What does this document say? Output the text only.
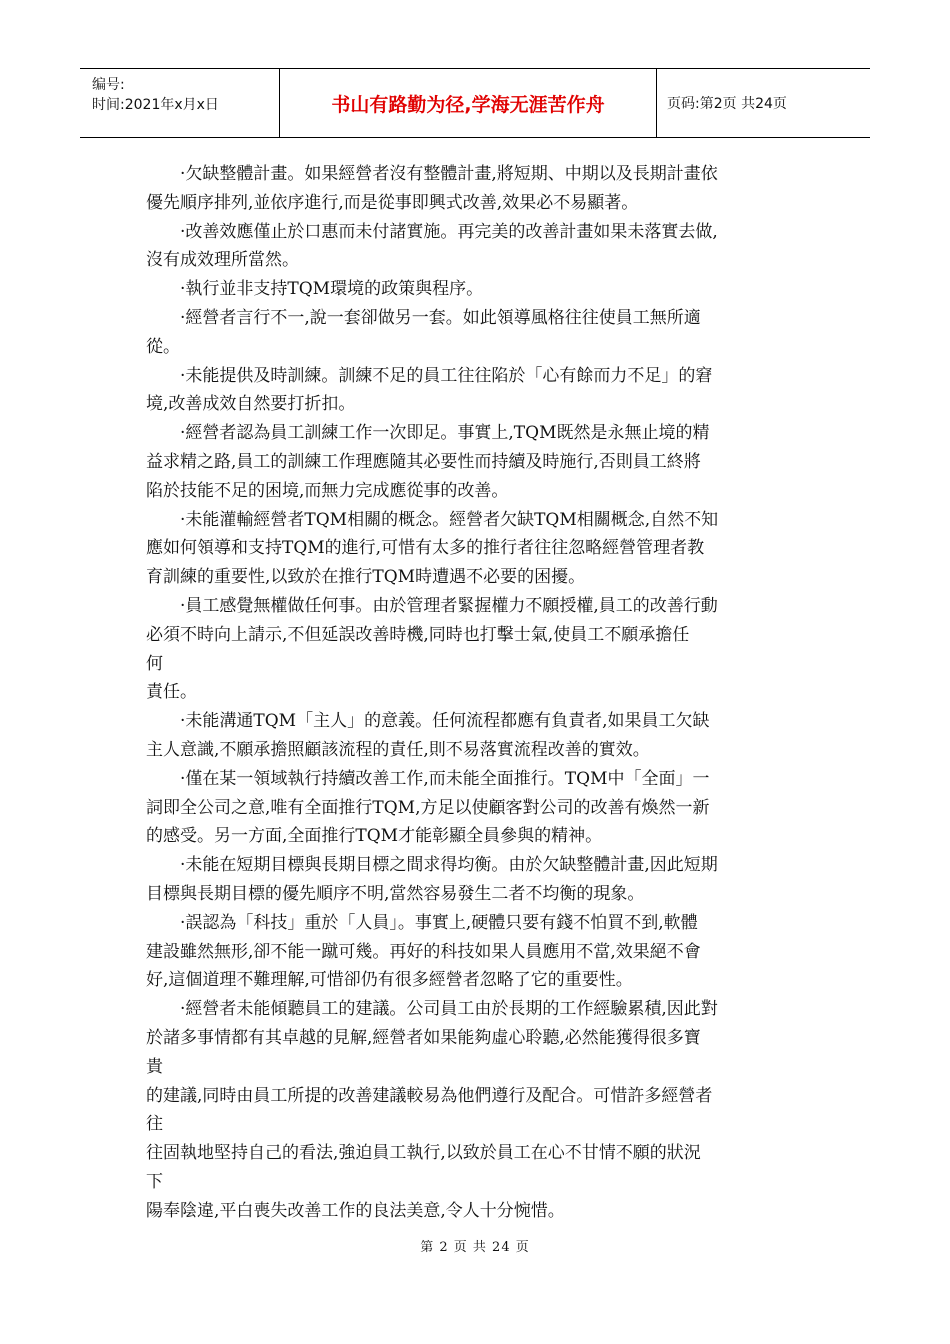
编号:
时间:2021年x月x日	书山有路勤为径,学海无涯苦作舟	页码:第2页 共24页
·欠缺整體計畫。如果經營者沒有整體計畫,將短期、中期以及長期計畫依
優先順序排列,並依序進行,而是從事即興式改善,效果必不易顯著。
·改善效應僅止於口惠而未付諸實施。再完美的改善計畫如果未落實去做,
沒有成效理所當然。
·執行並非支持TQM環境的政策與程序。
·經營者言行不一,說一套卻做另一套。如此領導風格往往使員工無所適
從。
·未能提供及時訓練。訓練不足的員工往往陷於「心有餘而力不足」的窘
境,改善成效自然要打折扣。
·經營者認為員工訓練工作一次即足。事實上,TQM既然是永無止境的精
益求精之路,員工的訓練工作理應隨其必要性而持續及時施行,否則員工終將
陷於技能不足的困境,而無力完成應從事的改善。
·未能灌輸經營者TQM相關的概念。經營者欠缺TQM相關概念,自然不知
應如何領導和支持TQM的進行,可惜有太多的推行者往往忽略經營管理者教
育訓練的重要性,以致於在推行TQM時遭遇不必要的困擾。
·員工感覺無權做任何事。由於管理者緊握權力不願授權,員工的改善行動
必須不時向上請示,不但延誤改善時機,同時也打擊士氣,使員工不願承擔任
何
責任。
·未能溝通TQM「主人」的意義。任何流程都應有負責者,如果員工欠缺
主人意識,不願承擔照顧該流程的責任,則不易落實流程改善的實效。
·僅在某一領域執行持續改善工作,而未能全面推行。TQM中「全面」一
詞即全公司之意,唯有全面推行TQM,方足以使顧客對公司的改善有煥然一新
的感受。另一方面,全面推行TQM才能彰顯全員參與的精神。
·未能在短期目標與長期目標之間求得均衡。由於欠缺整體計畫,因此短期
目標與長期目標的優先順序不明,當然容易發生二者不均衡的現象。
·誤認為「科技」重於「人員」。事實上,硬體只要有錢不怕買不到,軟體
建設雖然無形,卻不能一蹴可幾。再好的科技如果人員應用不當,效果絕不會
好,這個道理不難理解,可惜卻仍有很多經營者忽略了它的重要性。
·經營者未能傾聽員工的建議。公司員工由於長期的工作經驗累積,因此對
於諸多事情都有其卓越的見解,經營者如果能夠虛心聆聽,必然能獲得很多寶
貴
的建議,同時由員工所提的改善建議較易為他們遵行及配合。可惜許多經營者
往
往固執地堅持自己的看法,強迫員工執行,以致於員工在心不甘情不願的狀況
下
陽奉陰違,平白喪失改善工作的良法美意,令人十分惋惜。
第 2 页 共 24 页
